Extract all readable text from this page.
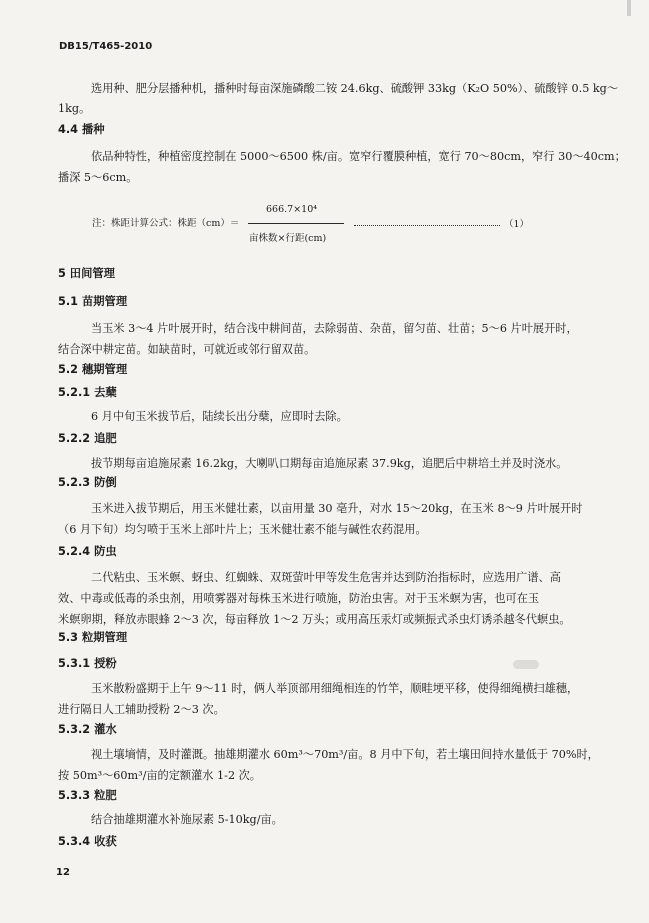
DB15/T465-2010
选用种、肥分层播种机，播种时每亩深施磷酸二铵 24.6kg、硫酸钾 33kg（K₂O 50%）、硫酸锌 0.5 kg～
1kg。
4.4 播种
依品种特性，种植密度控制在 5000～6500 株/亩。宽窄行覆膜种植，宽行 70～80cm，窄行 30～40cm；
播深 5～6cm。
注：株距计算公式：株距（cm）＝
666.7×10⁴
亩株数×行距(cm)
（1）
5 田间管理
5.1 苗期管理
当玉米 3～4 片叶展开时，结合浅中耕间苗，去除弱苗、杂苗，留匀苗、壮苗；5～6 片叶展开时，
结合深中耕定苗。如缺苗时，可就近或邻行留双苗。
5.2 穗期管理
5.2.1 去蘖
6 月中旬玉米拔节后，陆续长出分蘖，应即时去除。
5.2.2 追肥
拔节期每亩追施尿素 16.2kg，大喇叭口期每亩追施尿素 37.9kg，追肥后中耕培土并及时浇水。
5.2.3 防倒
玉米进入拔节期后，用玉米健壮素，以亩用量 30 亳升，对水 15～20kg，在玉米 8～9 片叶展开时
（6 月下旬）均匀喷于玉米上部叶片上；玉米健壮素不能与碱性农药混用。
5.2.4 防虫
二代粘虫、玉米螟、蚜虫、红蜘蛛、双斑萤叶甲等发生危害并达到防治指标时，应选用广谱、高
效、中毒或低毒的杀虫剂，用喷雾器对每株玉米进行喷施，防治虫害。对于玉米螟为害，也可在玉
米螟卵期，释放赤眼蜂 2～3 次，每亩释放 1～2 万头；或用高压汞灯或频振式杀虫灯诱杀越冬代螟虫。
5.3 粒期管理
5.3.1 授粉
玉米散粉盛期于上午 9～11 时，俩人举顶部用细绳相连的竹竿，顺畦埂平移，使得细绳横扫雄穗，
进行隔日人工辅助授粉 2～3 次。
5.3.2 灌水
视土壤墒情，及时灌溉。抽雄期灌水 60m³～70m³/亩。8 月中下旬，若土壤田间持水量低于 70%时，
按 50m³～60m³/亩的定额灌水 1-2 次。
5.3.3 粒肥
结合抽雄期灌水补施尿素 5-10kg/亩。
5.3.4 收获
12
